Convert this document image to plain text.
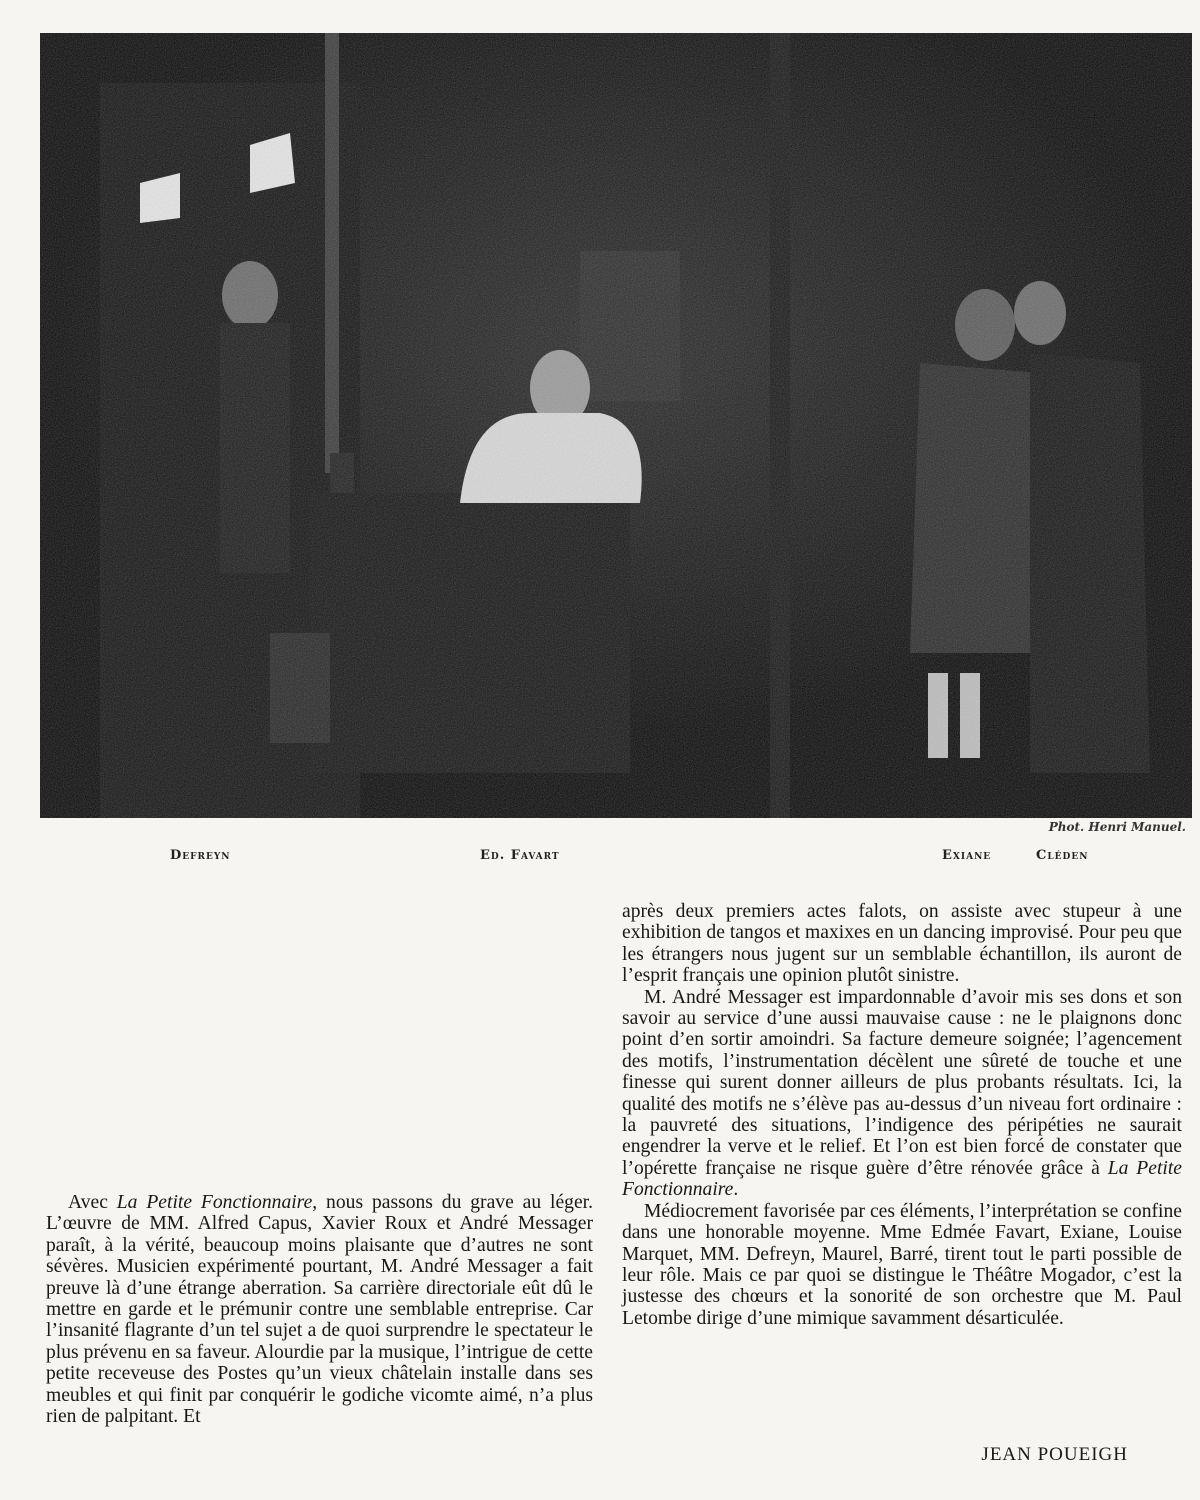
Phot. Henri Manuel.
Defreyn	Ed. Favart	Exiane	Cléden

Avec La Petite Fonctionnaire, nous passons du grave au léger. L’œuvre de MM. Alfred Capus, Xavier Roux et André Messager paraît, à la vérité, beaucoup moins plaisante que d’autres ne sont sévères. Musicien expérimenté pourtant, M. André Messager a fait preuve là d’une étrange aberration. Sa carrière directoriale eût dû le mettre en garde et le prémunir contre une semblable entreprise. Car l’insanité flagrante d’un tel sujet a de quoi surprendre le spectateur le plus prévenu en sa faveur. Alourdie par la musique, l’intrigue de cette petite receveuse des Postes qu’un vieux châtelain installe dans ses meubles et qui finit par conquérir le godiche vicomte aimé, n’a plus rien de palpitant. Et

après deux premiers actes falots, on assiste avec stupeur à une exhibition de tangos et maxixes en un dancing improvisé. Pour peu que les étrangers nous jugent sur un semblable échantillon, ils auront de l’esprit français une opinion plutôt sinistre.

M. André Messager est impardonnable d’avoir mis ses dons et son savoir au service d’une aussi mauvaise cause : ne le plaignons donc point d’en sortir amoindri. Sa facture demeure soignée; l’agencement des motifs, l’instrumentation décèlent une sûreté de touche et une finesse qui surent donner ailleurs de plus probants résultats. Ici, la qualité des motifs ne s’élève pas au-dessus d’un niveau fort ordinaire : la pauvreté des situations, l’indigence des péripéties ne saurait engendrer la verve et le relief. Et l’on est bien forcé de constater que l’opérette française ne risque guère d’être rénovée grâce à La Petite Fonctionnaire.

Médiocrement favorisée par ces éléments, l’interprétation se confine dans une honorable moyenne. Mme Edmée Favart, Exiane, Louise Marquet, MM. Defreyn, Maurel, Barré, tirent tout le parti possible de leur rôle. Mais ce par quoi se distingue le Théâtre Mogador, c’est la justesse des chœurs et la sonorité de son orchestre que M. Paul Letombe dirige d’une mimique savamment désarticulée.

JEAN POUEIGH
